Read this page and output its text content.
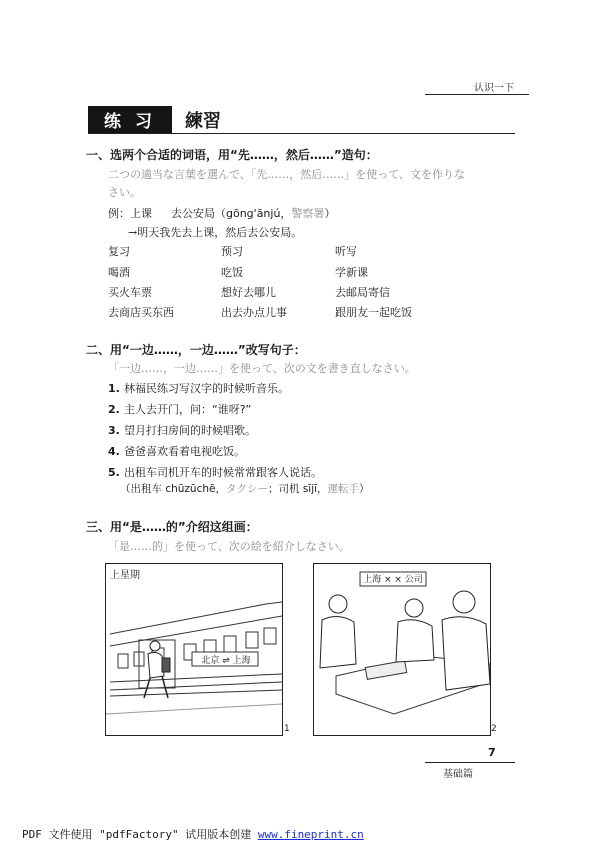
认识一下
练 习	練習
一、选两个合适的词语，用“先……，然后……”造句：
二つの適当な言葉を選んで、「先……，然后……」を使って、文を作りな
さい。
例：上课 去公安局（gōng'ānjú，警察署）
→明天我先去上课，然后去公安局。
复习	预习	听写
喝酒	吃饭	学新课
买火车票	想好去哪儿	去邮局寄信
去商店买东西	出去办点儿事	跟朋友一起吃饭
二、用“一边……，一边……”改写句子：
「一边……，一边……」を使って、次の文を書き直しなさい。
1. 林福民练习写汉字的时候听音乐。
2. 主人去开门，问：“谁呀?”
3. 望月打扫房间的时候唱歌。
4. 爸爸喜欢看着电视吃饭。
5. 出租车司机开车的时候常常跟客人说话。
（出租车 chūzūchē，タクシー；司机 sījī，運転手）
三、用“是……的”介绍这组画：
「是……的」を使って、次の絵を紹介しなさい。
上星期
北京 ⇌ 上海
1
上海 × × 公司
2
7
基础篇
PDF 文件使用 "pdfFactory" 试用版本创建 www.fineprint.cn
